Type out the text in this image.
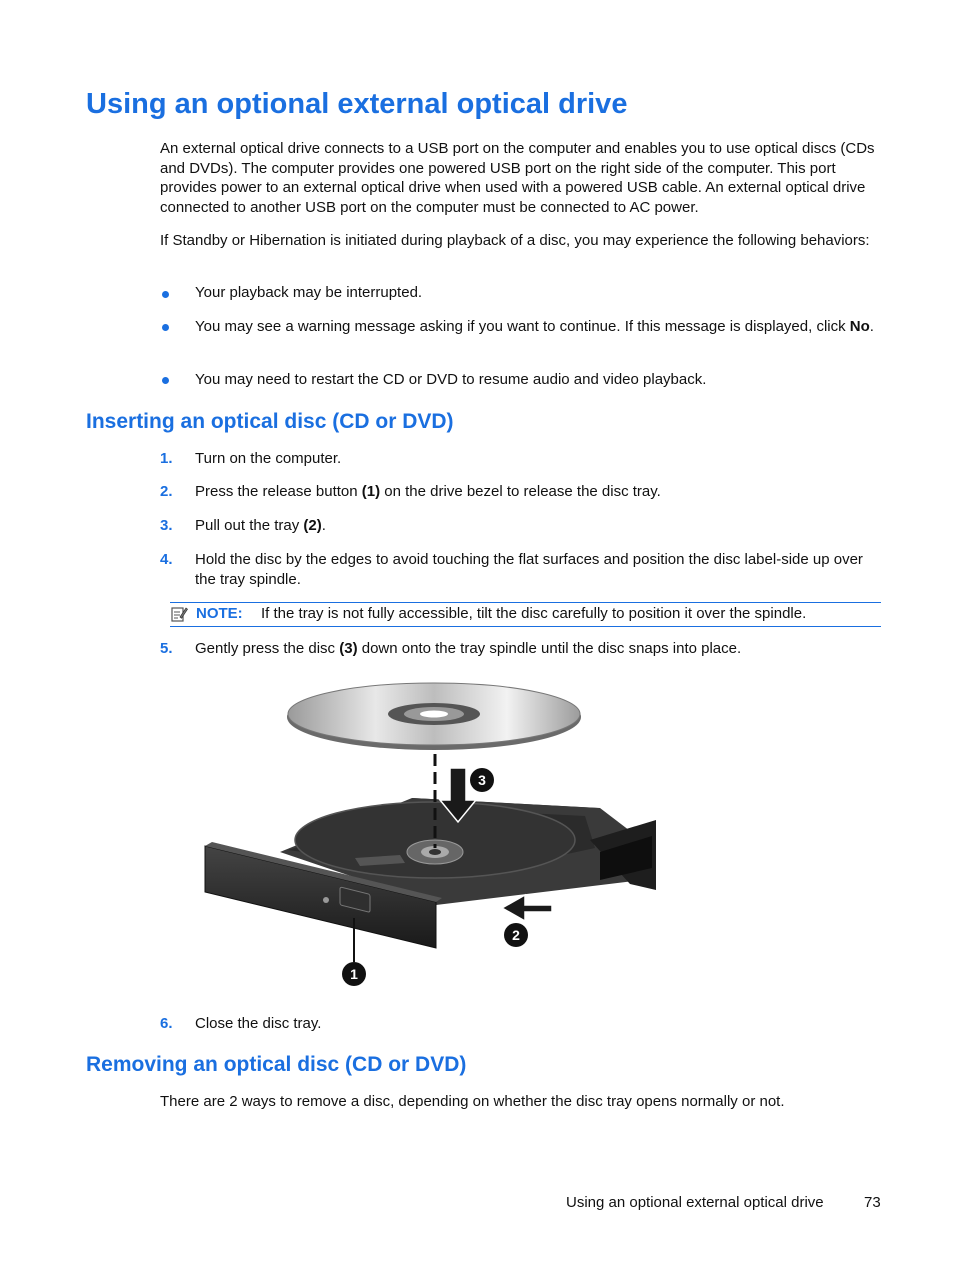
Using an optional external optical drive

An external optical drive connects to a USB port on the computer and enables you to use optical discs (CDs and DVDs). The computer provides one powered USB port on the right side of the computer. This port provides power to an external optical drive when used with a powered USB cable. An external optical drive connected to another USB port on the computer must be connected to AC power.

If Standby or Hibernation is initiated during playback of a disc, you may experience the following behaviors:

Your playback may be interrupted.

You may see a warning message asking if you want to continue. If this message is displayed, click No.

You may need to restart the CD or DVD to resume audio and video playback.

Inserting an optical disc (CD or DVD)
1. Turn on the computer.

2. Press the release button (1) on the drive bezel to release the disc tray.

3. Pull out the tray (2).

4. Hold the disc by the edges to avoid touching the flat surfaces and position the disc label-side up over the tray spindle.

NOTE: If the tray is not fully accessible, tilt the disc carefully to position it over the spindle.
5. Gently press the disc (3) down onto the tray spindle until the disc snaps into place.

3
2
1
6. Close the disc tray.

Removing an optical disc (CD or DVD)

There are 2 ways to remove a disc, depending on whether the disc tray opens normally or not.

Using an optional external optical drive	73
